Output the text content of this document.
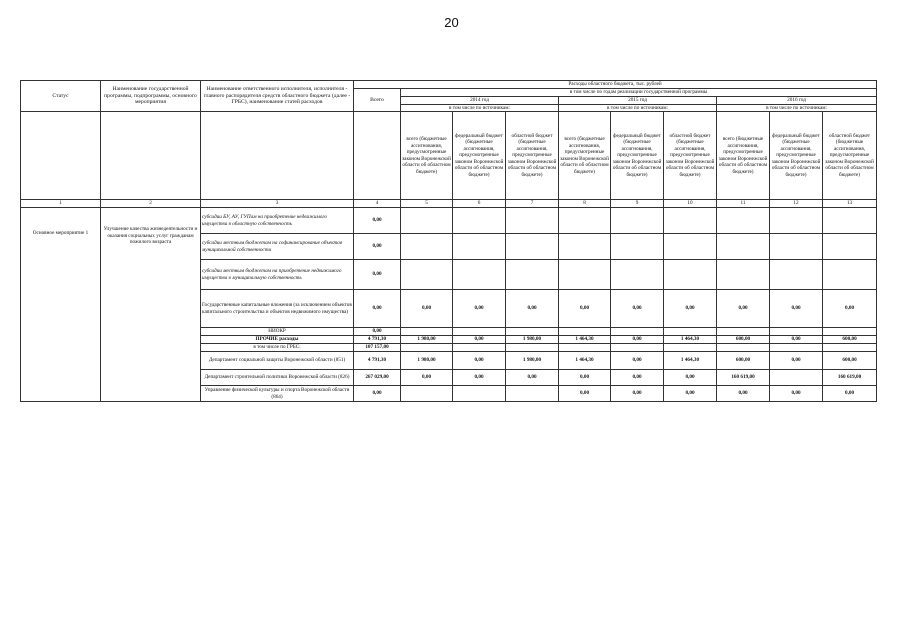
20
Статус	Наименование государственной программы, подпрограммы, основного мероприятия	Наименование ответственного исполнителя, исполнителя - главного распорядителя средств областного бюджета (далее - ГРБС), наименование статей расходов	Расходы областного бюджета, тыс. рублей									
			Всего	в том числе по годам реализации государственной программы								
				2014 год			2015 год			2016 год		
				в том числе по источникам:			в том числе по источникам:			в том числе по источникам:		
				всего (бюджетные ассигнования, предусмотренные законом Воронежской области об областном бюджете)	федеральный бюджет (бюджетные ассигнования, предусмотренные законом Воронежской области об областном бюджете)	областной бюджет (бюджетные ассигнования, предусмотренные законом Воронежской области об областном бюджете)	всего (бюджетные ассигнования, предусмотренные законом Воронежской области об областном бюджете)	федеральный бюджет (бюджетные ассигнования, предусмотренные законом Воронежской области об областном бюджете)	областной бюджет (бюджетные ассигнования, предусмотренные законом Воронежской области об областном бюджете)	всего (бюджетные ассигнования, предусмотренные законом Воронежской области об областном бюджете)	федеральный бюджет (бюджетные ассигнования, предусмотренные законом Воронежской области об областном бюджете)	областной бюджет (бюджетные ассигнования, предусмотренные законом Воронежской области об областном бюджете)
1	2	3	4	5	6	7	8	9	10	11	12	13
Основное мероприятие 1	Улучшение качества жизнедеятельности и оказания социальных услуг гражданам пожилого возраста	субсидии БУ, АУ, ГУПам на приобретение недвижимого имущества в областную собственность	0,00									
		субсидии местным бюджетам на софинансирование объектов муниципальной собственности	0,00									
		субсидии местным бюджетам на приобретение недвижимого имущества в муниципальную собственность	0,00									
		Государственные капитальные вложения (за исключением объектов капитального строительства и объектов недвижимого имущества)	0,00	0,00	0,00	0,00	0,00	0,00	0,00	0,00	0,00	0,00
		НИОКР	0,00									
		ПРОЧИЕ расходы	4 791,30	1 980,00	0,00	1 980,00	1 464,30	0,00	1 464,30	600,00	0,00	600,00
		в том числе по ГРБС:	107 157,00									
		Департамент социальной защиты Воронежской области (851)	4 791,30	1 980,00	0,00	1 980,00	1 464,30	0,00	1 464,30	600,00	0,00	600,00
		Департамент строительной политики Воронежской области (826)	267 029,00	0,00	0,00	0,00	0,00	0,00	0,00	160 619,00		160 619,00
		Управление физической культуры и спорта Воронежской области (864)	0,00				0,00	0,00	0,00	0,00	0,00	0,00
